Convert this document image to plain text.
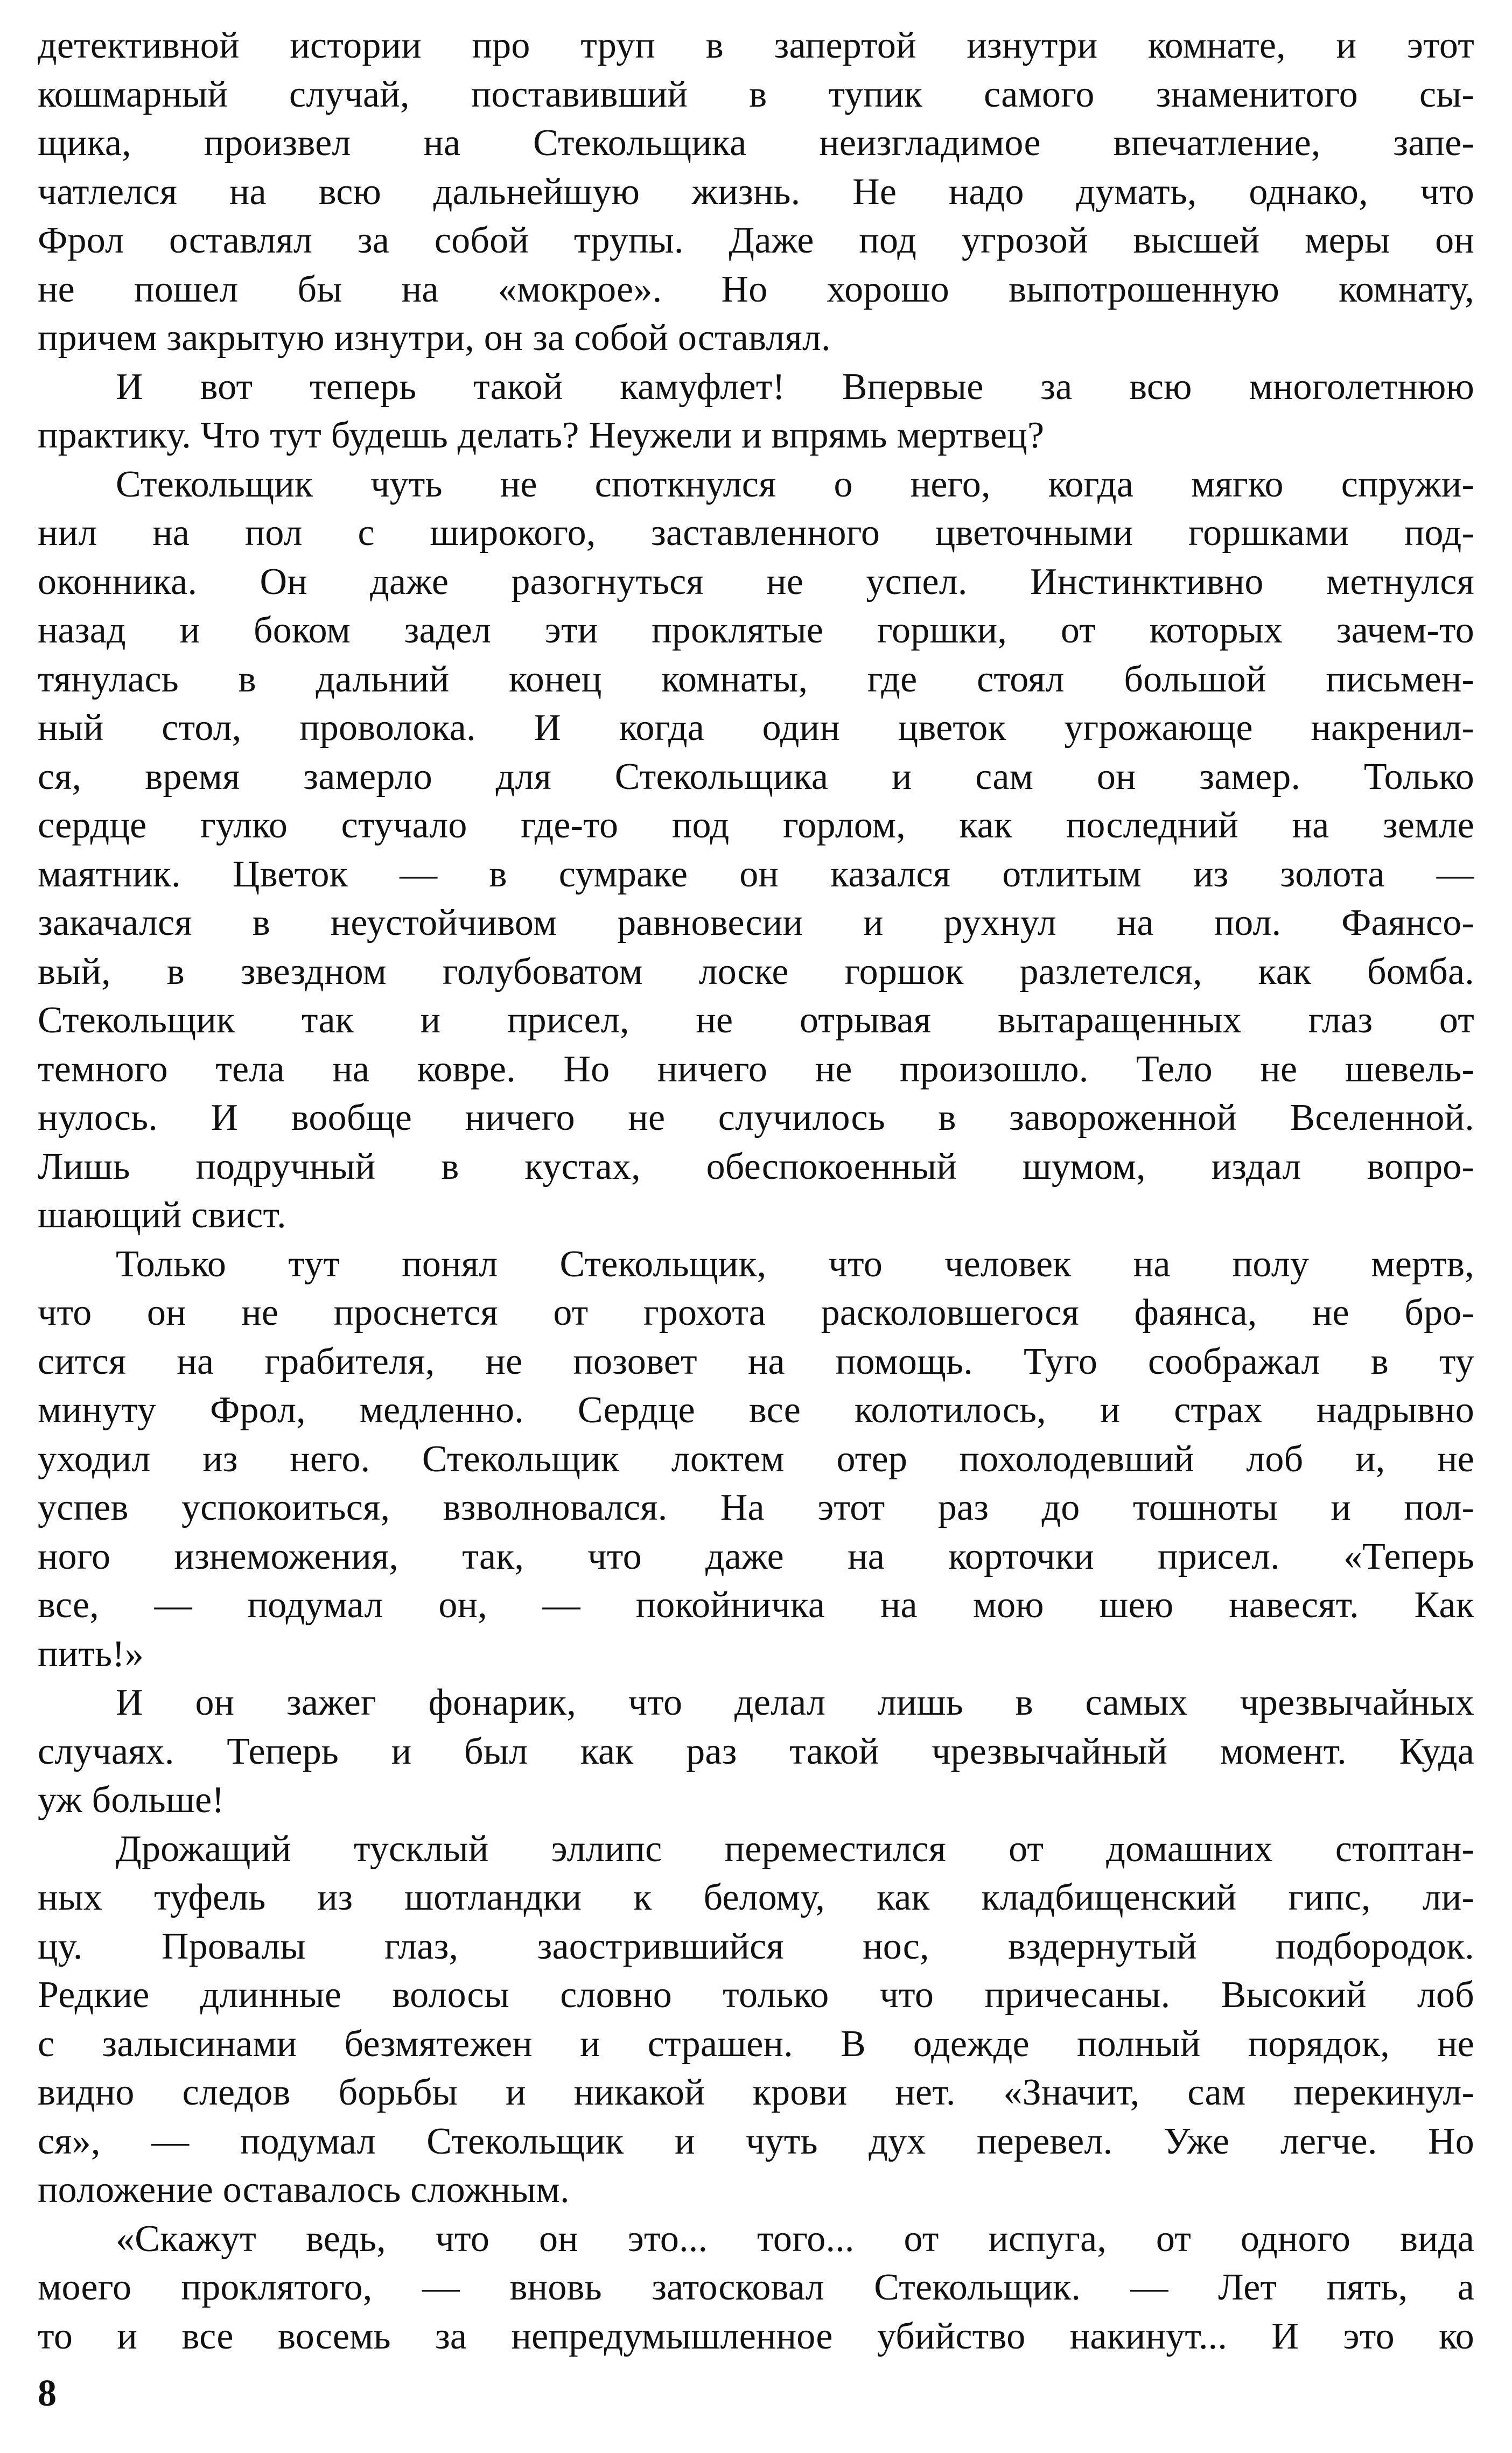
детективной истории про труп в запертой изнутри комнате, и этот
кошмарный случай, поставивший в тупик самого знаменитого сы-
щика, произвел на Стекольщика неизгладимое впечатление, запе-
чатлелся на всю дальнейшую жизнь. Не надо думать, однако, что
Фрол оставлял за собой трупы. Даже под угрозой высшей меры он
не пошел бы на «мокрое». Но хорошо выпотрошенную комнату,
причем закрытую изнутри, он за собой оставлял.
И вот теперь такой камуфлет! Впервые за всю многолетнюю
практику. Что тут будешь делать? Неужели и впрямь мертвец?
Стекольщик чуть не споткнулся о него, когда мягко спружи-
нил на пол с широкого, заставленного цветочными горшками под-
оконника. Он даже разогнуться не успел. Инстинктивно метнулся
назад и боком задел эти проклятые горшки, от которых зачем-то
тянулась в дальний конец комнаты, где стоял большой письмен-
ный стол, проволока. И когда один цветок угрожающе накренил-
ся, время замерло для Стекольщика и сам он замер. Только
сердце гулко стучало где-то под горлом, как последний на земле
маятник. Цветок — в сумраке он казался отлитым из золота —
закачался в неустойчивом равновесии и рухнул на пол. Фаянсо-
вый, в звездном голубоватом лоске горшок разлетелся, как бомба.
Стекольщик так и присел, не отрывая вытаращенных глаз от
темного тела на ковре. Но ничего не произошло. Тело не шевель-
нулось. И вообще ничего не случилось в завороженной Вселенной.
Лишь подручный в кустах, обеспокоенный шумом, издал вопро-
шающий свист.
Только тут понял Стекольщик, что человек на полу мертв,
что он не проснется от грохота расколовшегося фаянса, не бро-
сится на грабителя, не позовет на помощь. Туго соображал в ту
минуту Фрол, медленно. Сердце все колотилось, и страх надрывно
уходил из него. Стекольщик локтем отер похолодевший лоб и, не
успев успокоиться, взволновался. На этот раз до тошноты и пол-
ного изнеможения, так, что даже на корточки присел. «Теперь
все, — подумал он, — покойничка на мою шею навесят. Как
пить!»
И он зажег фонарик, что делал лишь в самых чрезвычайных
случаях. Теперь и был как раз такой чрезвычайный момент. Куда
уж больше!
Дрожащий тусклый эллипс переместился от домашних стоптан-
ных туфель из шотландки к белому, как кладбищенский гипс, ли-
цу. Провалы глаз, заострившийся нос, вздернутый подбородок.
Редкие длинные волосы словно только что причесаны. Высокий лоб
с залысинами безмятежен и страшен. В одежде полный порядок, не
видно следов борьбы и никакой крови нет. «Значит, сам перекинул-
ся», — подумал Стекольщик и чуть дух перевел. Уже легче. Но
положение оставалось сложным.
«Скажут ведь, что он это... того... от испуга, от одного вида
моего проклятого, — вновь затосковал Стекольщик. — Лет пять, а
то и все восемь за непредумышленное убийство накинут... И это ко
8
